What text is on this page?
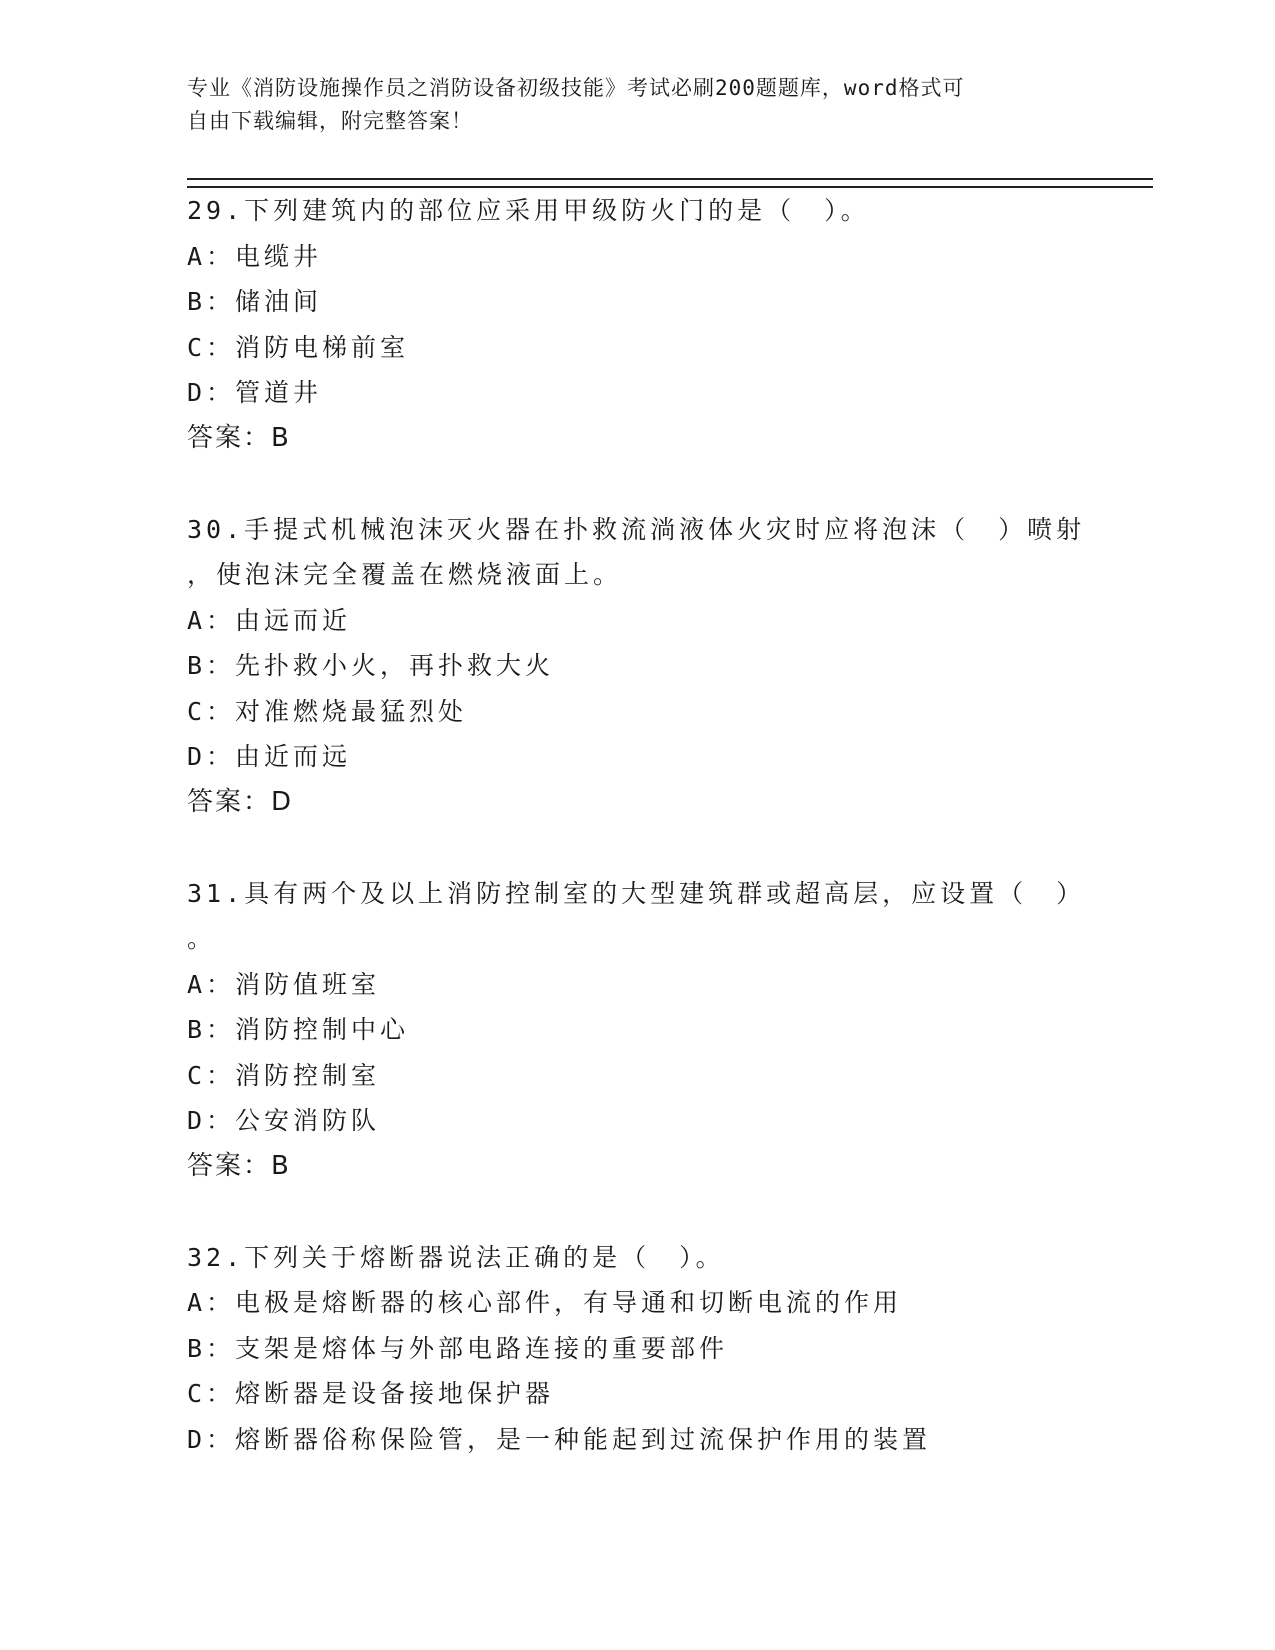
专业《消防设施操作员之消防设备初级技能》考试必刷200题题库，word格式可
自由下载编辑，附完整答案！
29.下列建筑内的部位应采用甲级防火门的是（　）。
A：电缆井
B：储油间
C：消防电梯前室
D：管道井
答案：B
30.手提式机械泡沫灭火器在扑救流淌液体火灾时应将泡沫（　）喷射
，使泡沫完全覆盖在燃烧液面上。
A：由远而近
B：先扑救小火，再扑救大火
C：对准燃烧最猛烈处
D：由近而远
答案：D
31.具有两个及以上消防控制室的大型建筑群或超高层，应设置（　）
。
A：消防值班室
B：消防控制中心
C：消防控制室
D：公安消防队
答案：B
32.下列关于熔断器说法正确的是（　）。
A：电极是熔断器的核心部件，有导通和切断电流的作用
B：支架是熔体与外部电路连接的重要部件
C：熔断器是设备接地保护器
D：熔断器俗称保险管，是一种能起到过流保护作用的装置
